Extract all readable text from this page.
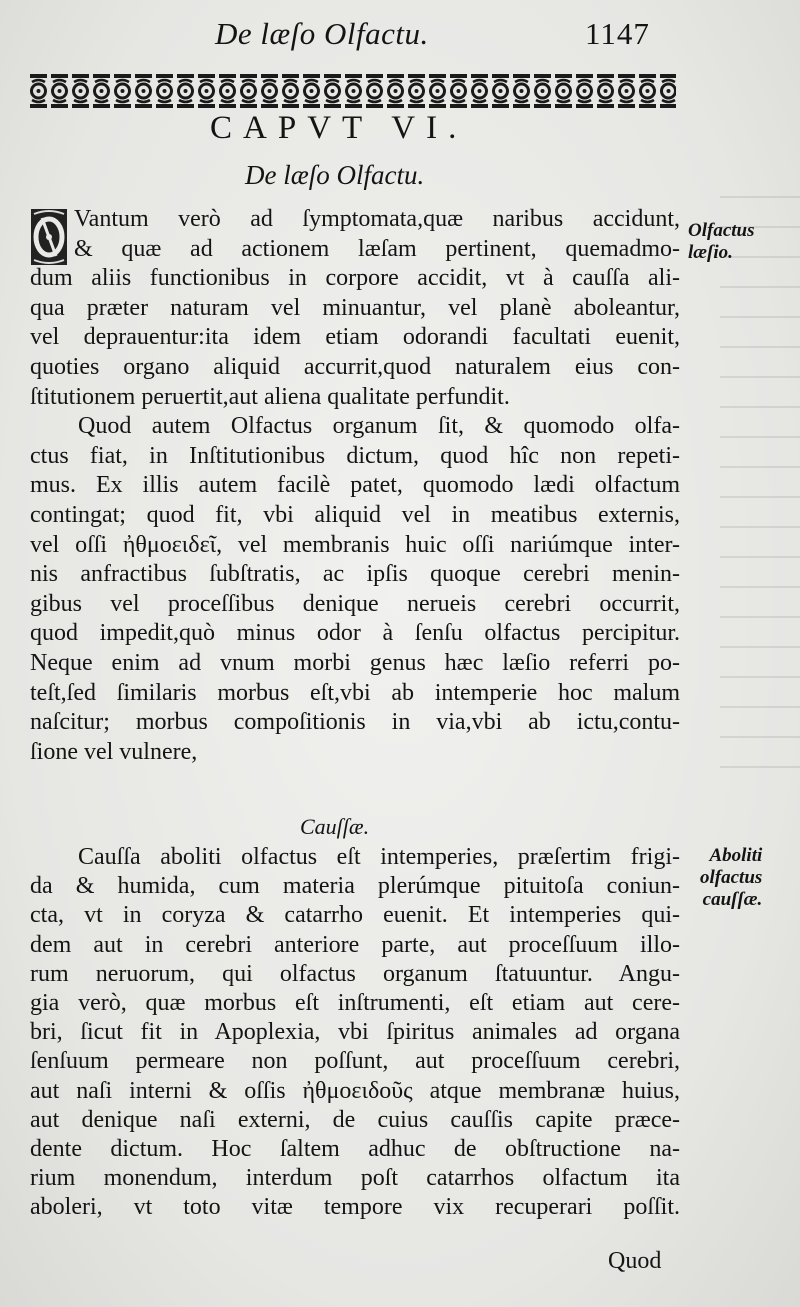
De læſo Olfactu.	1147
CAPVT VI.
De læſo Olfactu.
Vantum verò ad ſymptomata,quæ naribus accidunt,
& quæ ad actionem læſam pertinent, quemadmo-
dum aliis functionibus in corpore accidit, vt à cauſſa ali-
qua præter naturam vel minuantur, vel planè aboleantur,
vel deprauentur:ita idem etiam odorandi facultati euenit,
quoties organo aliquid accurrit,quod naturalem eius con-
ſtitutionem peruertit,aut aliena qualitate perfundit.
Quod autem Olfactus organum ſit, & quomodo olfa-
ctus fiat, in Inſtitutionibus dictum, quod hîc non repeti-
mus. Ex illis autem facilè patet, quomodo lædi olfactum
contingat; quod fit, vbi aliquid vel in meatibus externis,
vel oſſi ἠθμοειδεῖ, vel membranis huic oſſi nariúmque inter-
nis anfractibus ſubſtratis, ac ipſis quoque cerebri menin-
gibus vel proceſſibus denique nerueis cerebri occurrit,
quod impedit,quò minus odor à ſenſu olfactus percipitur.
Neque enim ad vnum morbi genus hæc læſio referri po-
teſt,ſed ſimilaris morbus eſt,vbi ab intemperie hoc malum
naſcitur; morbus compoſitionis in via,vbi ab ictu,contu-
ſione vel vulnere,
Olfactus
læſio.
Cauſſæ.
Cauſſa aboliti olfactus eſt intemperies, præſertim frigi-
da & humida, cum materia plerúmque pituitoſa coniun-
cta, vt in coryza & catarrho euenit. Et intemperies qui-
dem aut in cerebri anteriore parte, aut proceſſuum illo-
rum neruorum, qui olfactus organum ſtatuuntur. Angu-
gia verò, quæ morbus eſt inſtrumenti, eſt etiam aut cere-
bri, ſicut fit in Apoplexia, vbi ſpiritus animales ad organa
ſenſuum permeare non poſſunt, aut proceſſuum cerebri,
aut naſi interni & oſſis ἠθμοειδοῦς atque membranæ huius,
aut denique naſi externi, de cuius cauſſis capite præce-
dente dictum. Hoc ſaltem adhuc de obſtructione na-
rium monendum, interdum poſt catarrhos olfactum ita
aboleri, vt toto vitæ tempore vix recuperari poſſit.
Aboliti
olfactus
cauſſæ.
Quod
